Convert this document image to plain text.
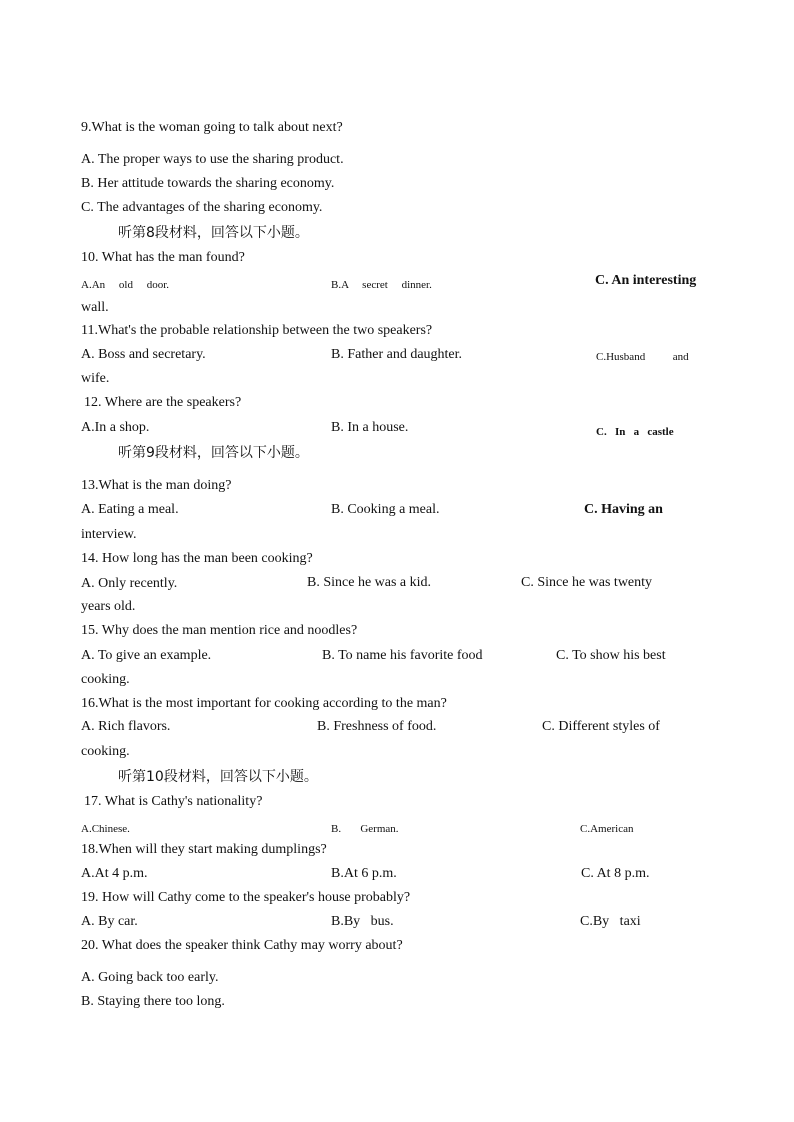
9.What is the woman going to talk about next?
A. The proper ways to use the sharing product.
B. Her attitude towards the sharing economy.
C. The advantages of the sharing economy.
听第8段材料，回答以下小题。
10. What has the man found?
A.An     old     door.	B.A     secret     dinner.	C. An interesting
wall.
11.What's the probable relationship between the two speakers?
A. Boss and secretary.	B. Father and daughter.	C.Husband          and
wife.
12. Where are the speakers?
A.In a shop.	B. In a house.	C.   In   a   castle
听第9段材料，回答以下小题。
13.What is the man doing?
A. Eating a meal.	B. Cooking a meal.	C. Having an
interview.
14. How long has the man been cooking?
A. Only recently.	B. Since he was a kid.	C. Since he was twenty
years old.
15. Why does the man mention rice and noodles?
A. To give an example.	B. To name his favorite food	C. To show his best
cooking.
16.What is the most important for cooking according to the man?
A. Rich flavors.	B. Freshness of food.	C. Different styles of
cooking.
听第10段材料，回答以下小题。
17. What is Cathy's nationality?
A.Chinese.	B.       German.	C.American
18.When will they start making dumplings?
A.At 4 p.m.	B.At 6 p.m.	C. At 8 p.m.
19. How will Cathy come to the speaker's house probably?
A. By car.	B.By   bus.	C.By   taxi
20. What does the speaker think Cathy may worry about?
A. Going back too early.
B. Staying there too long.
